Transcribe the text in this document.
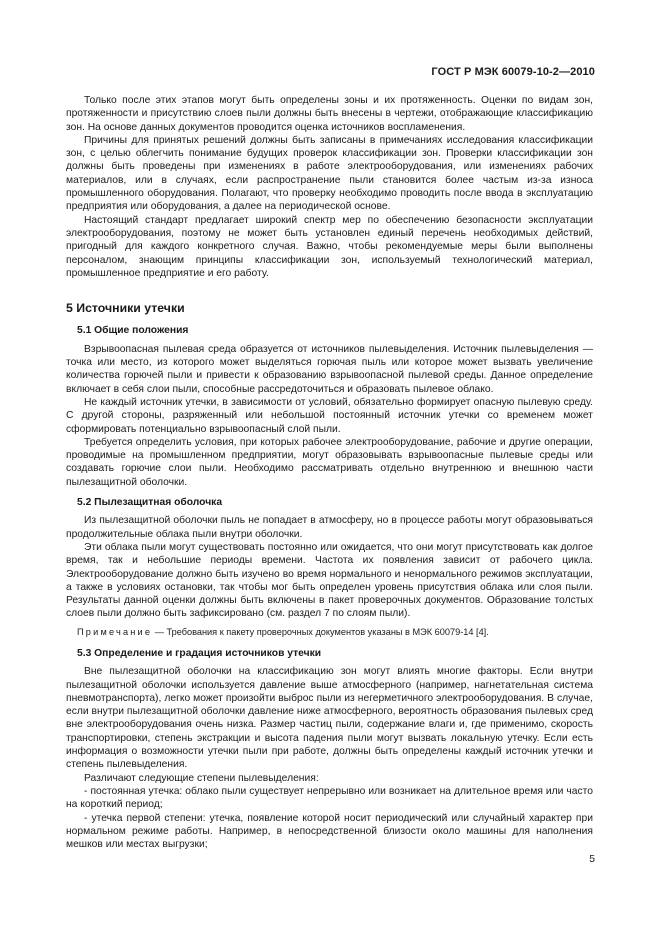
ГОСТ Р МЭК 60079-10-2—2010

Только после этих этапов могут быть определены зоны и их протяженность. Оценки по видам зон, протяженности и присутствию слоев пыли должны быть внесены в чертежи, отображающие классификацию зон. На основе данных документов проводится оценка источников воспламенения.

Причины для принятых решений должны быть записаны в примечаниях исследования классификации зон, с целью облегчить понимание будущих проверок классификации зон. Проверки классификации зон должны быть проведены при изменениях в работе электрооборудования, или изменениях рабочих материалов, или в случаях, если распространение пыли становится более частым из-за износа промышленного оборудования. Полагают, что проверку необходимо проводить после ввода в эксплуатацию предприятия или оборудования, а далее на периодической основе.

Настоящий стандарт предлагает широкий спектр мер по обеспечению безопасности эксплуатации электрооборудования, поэтому не может быть установлен единый перечень необходимых действий, пригодный для каждого конкретного случая. Важно, чтобы рекомендуемые меры были выполнены персоналом, знающим принципы классификации зон, используемый технологический материал, промышленное предприятие и его работу.

5 Источники утечки
5.1 Общие положения

Взрывоопасная пылевая среда образуется от источников пылевыделения. Источник пылевыделения — точка или место, из которого может выделяться горючая пыль или которое может вызвать увеличение количества горючей пыли и привести к образованию взрывоопасной пылевой среды. Данное определение включает в себя слои пыли, способные рассредоточиться и образовать пылевое облако.

Не каждый источник утечки, в зависимости от условий, обязательно формирует опасную пылевую среду. С другой стороны, разряженный или небольшой постоянный источник утечки со временем может сформировать потенциально взрывоопасный слой пыли.

Требуется определить условия, при которых рабочее электрооборудование, рабочие и другие операции, проводимые на промышленном предприятии, могут образовывать взрывоопасные пылевые среды или создавать горючие слои пыли. Необходимо рассматривать отдельно внутреннюю и внешнюю части пылезащитной оболочки.

5.2 Пылезащитная оболочка

Из пылезащитной оболочки пыль не попадает в атмосферу, но в процессе работы могут образовываться продолжительные облака пыли внутри оболочки.

Эти облака пыли могут существовать постоянно или ожидается, что они могут присутствовать как долгое время, так и небольшие периоды времени. Частота их появления зависит от рабочего цикла. Электрооборудование должно быть изучено во время нормального и ненормального режимов эксплуатации, а также в условиях остановки, так чтобы мог быть определен уровень присутствия облака или слоя пыли. Результаты данной оценки должны быть включены в пакет проверочных документов. Образование толстых слоев пыли должно быть зафиксировано (см. раздел 7 по слоям пыли).

Примечание — Требования к пакету проверочных документов указаны в МЭК 60079-14 [4].

5.3 Определение и градация источников утечки

Вне пылезащитной оболочки на классификацию зон могут влиять многие факторы. Если внутри пылезащитной оболочки используется давление выше атмосферного (например, нагнетательная система пневмотранспорта), легко может произойти выброс пыли из негерметичного электрооборудования. В случае, если внутри пылезащитной оболочки давление ниже атмосферного, вероятность образования пылевых сред вне электрооборудования очень низка. Размер частиц пыли, содержание влаги и, где применимо, скорость транспортировки, степень экстракции и высота падения пыли могут вызвать локальную утечку. Если есть информация о возможности утечки пыли при работе, должны быть определены каждый источник утечки и степень пылевыделения.

Различают следующие степени пылевыделения:

- постоянная утечка: облако пыли существует непрерывно или возникает на длительное время или часто на короткий период;

- утечка первой степени: утечка, появление которой носит периодический или случайный характер при нормальном режиме работы. Например, в непосредственной близости около машины для наполнения мешков или местах выгрузки;

5
